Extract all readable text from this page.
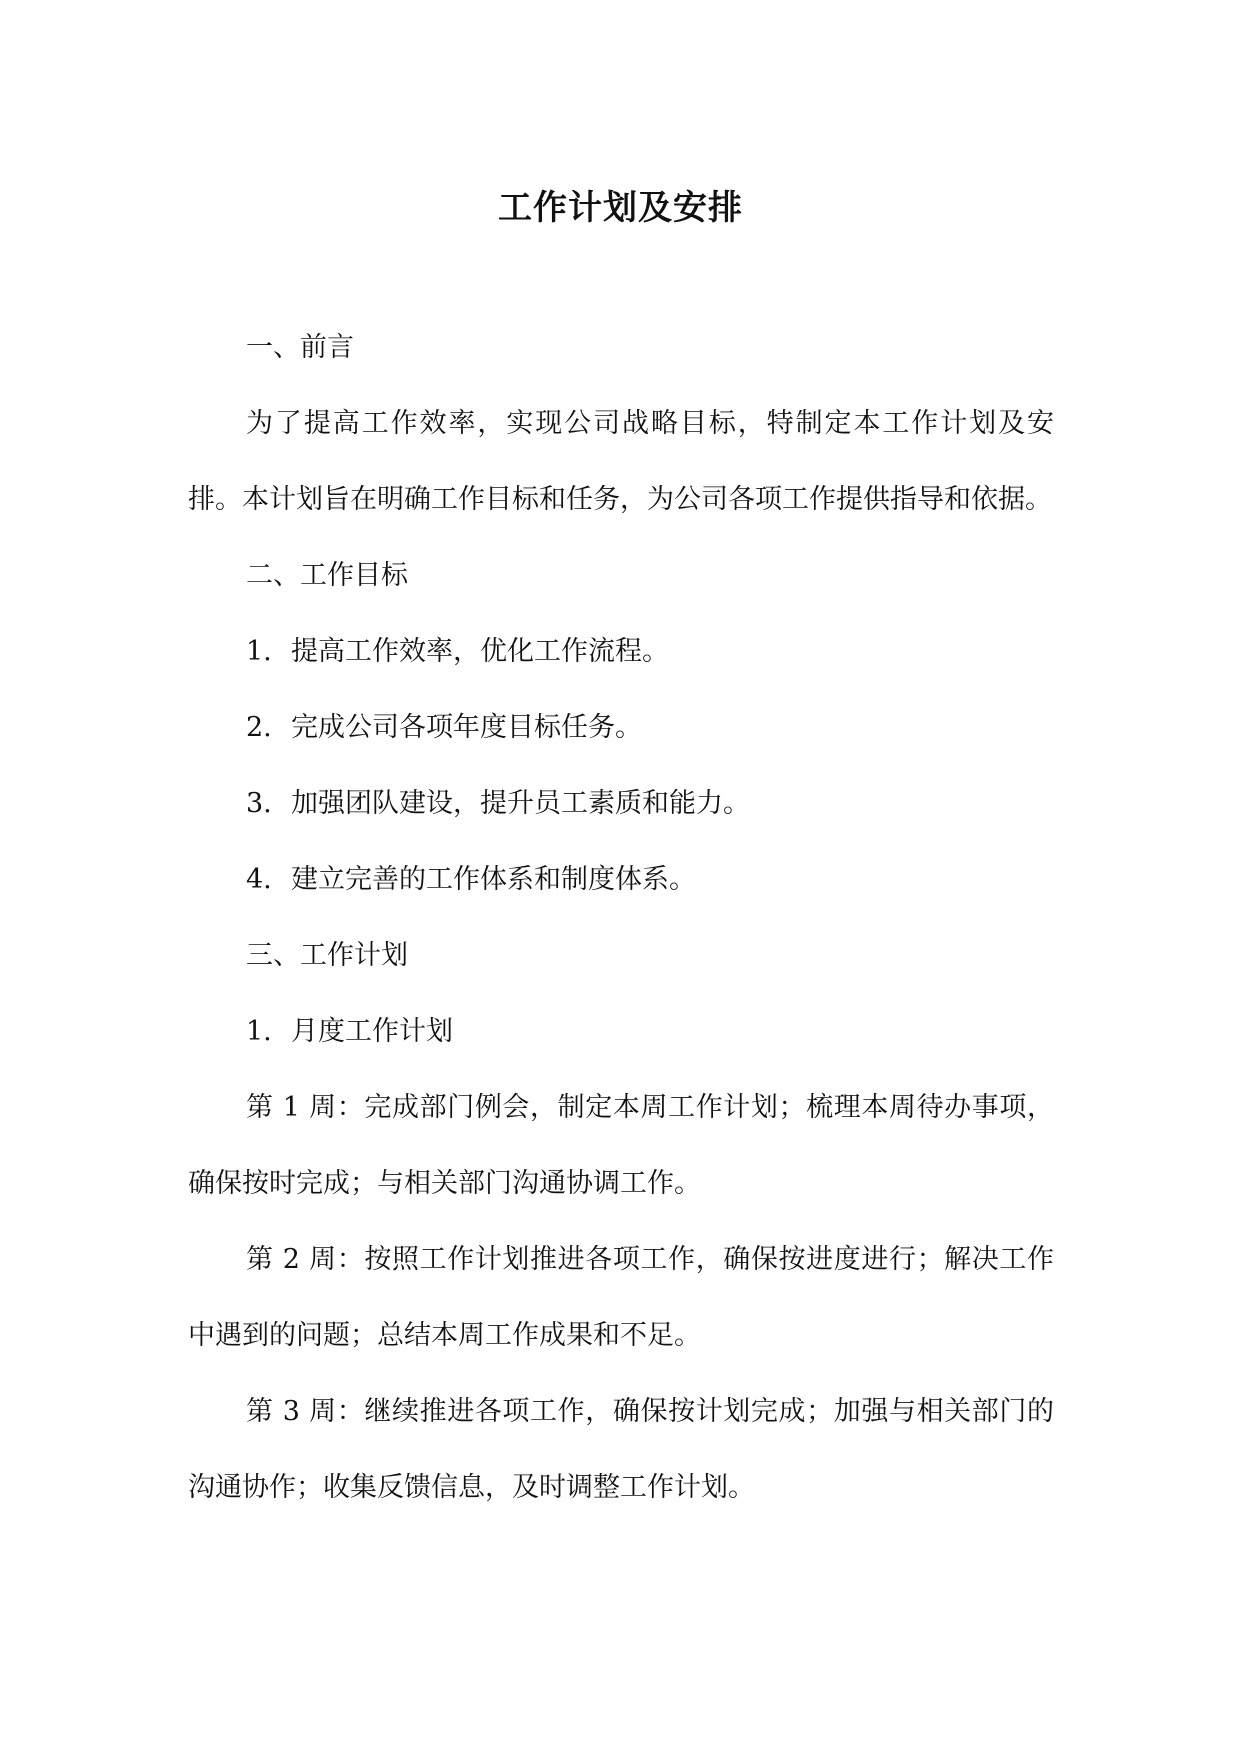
工作计划及安排

一、前言

为了提高工作效率，实现公司战略目标，特制定本工作计划及安排。本计划旨在明确工作目标和任务，为公司各项工作提供指导和依据。

二、工作目标

1. 提高工作效率，优化工作流程。

2. 完成公司各项年度目标任务。

3. 加强团队建设，提升员工素质和能力。

4. 建立完善的工作体系和制度体系。

三、工作计划

1. 月度工作计划

第 1 周：完成部门例会，制定本周工作计划；梳理本周待办事项，确保按时完成；与相关部门沟通协调工作。

第 2 周：按照工作计划推进各项工作，确保按进度进行；解决工作中遇到的问题；总结本周工作成果和不足。

第 3 周：继续推进各项工作，确保按计划完成；加强与相关部门的沟通协作；收集反馈信息，及时调整工作计划。
